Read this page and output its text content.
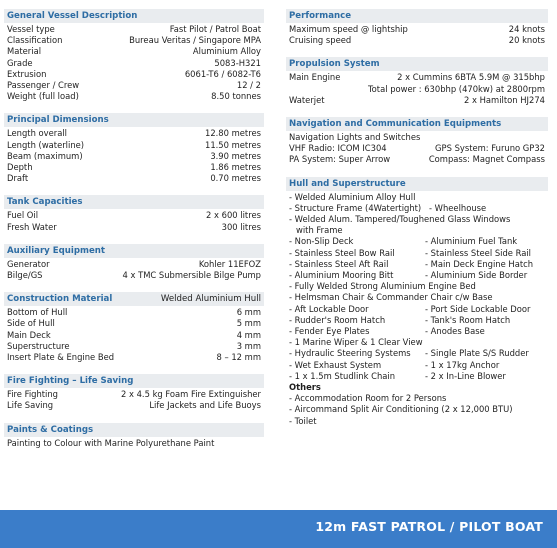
General Vessel Description
Vessel type	Fast Pilot / Patrol Boat
Classification	Bureau Veritas / Singapore MPA
Material	Aluminium Alloy
Grade	5083-H321
Extrusion	6061-T6 / 6082-T6
Passenger / Crew	12 / 2
Weight (full load)	8.50 tonnes
Principal Dimensions
Length overall	12.80 metres
Length (waterline)	11.50 metres
Beam (maximum)	3.90 metres
Depth	1.86 metres
Draft	0.70 metres
Tank Capacities
Fuel Oil	2 x 600 litres
Fresh Water	300 litres
Auxiliary Equipment
Generator	Kohler 11EFOZ
Bilge/GS	4 x TMC Submersible Bilge Pump
Construction Material	Welded Aluminium Hull
Bottom of Hull	6 mm
Side of Hull	5 mm
Main Deck	4 mm
Superstructure	3 mm
Insert Plate & Engine Bed	8 – 12 mm
Fire Fighting – Life Saving
Fire Fighting	2 x 4.5 kg Foam Fire Extinguisher
Life Saving	Life Jackets and Life Buoys
Paints & Coatings
Painting to Colour with Marine Polyurethane Paint
Performance
Maximum speed @ lightship	24 knots
Cruising speed	20 knots
Propulsion System
Main Engine	2 x Cummins 6BTA 5.9M @ 315bhp
Total power : 630bhp (470kw) at 2800rpm
Waterjet	2 x Hamilton HJ274
Navigation and Communication Equipments
Navigation Lights and Switches
VHF Radio: ICOM IC304	GPS System: Furuno GP32
PA System: Super Arrow	Compass: Magnet Compass
Hull and Superstructure
- Welded Aluminium Alloy Hull
- Structure Frame (4Watertight) - Wheelhouse
- Welded Alum. Tampered/Toughened Glass Windows
with Frame
- Non-Slip Deck	- Aluminium Fuel Tank
- Stainless Steel Bow Rail	- Stainless Steel Side Rail
- Stainless Steel Aft Rail	- Main Deck Engine Hatch
- Aluminium Mooring Bitt	- Aluminium Side Border
- Fully Welded Strong Aluminium Engine Bed
- Helmsman Chair & Commander Chair c/w Base
- Aft Lockable Door	- Port Side Lockable Door
- Rudder's Room Hatch	- Tank's Room Hatch
- Fender Eye Plates	- Anodes Base
- 1 Marine Wiper & 1 Clear View
- Hydraulic Steering Systems	- Single Plate S/S Rudder
- Wet Exhaust System	- 1 x 17kg Anchor
- 1 x 1.5m Studlink Chain	- 2 x In-Line Blower
Others
- Accommodation Room for 2 Persons
- Aircommand Split Air Conditioning (2 x 12,000 BTU)
- Toilet
12m FAST PATROL / PILOT BOAT
